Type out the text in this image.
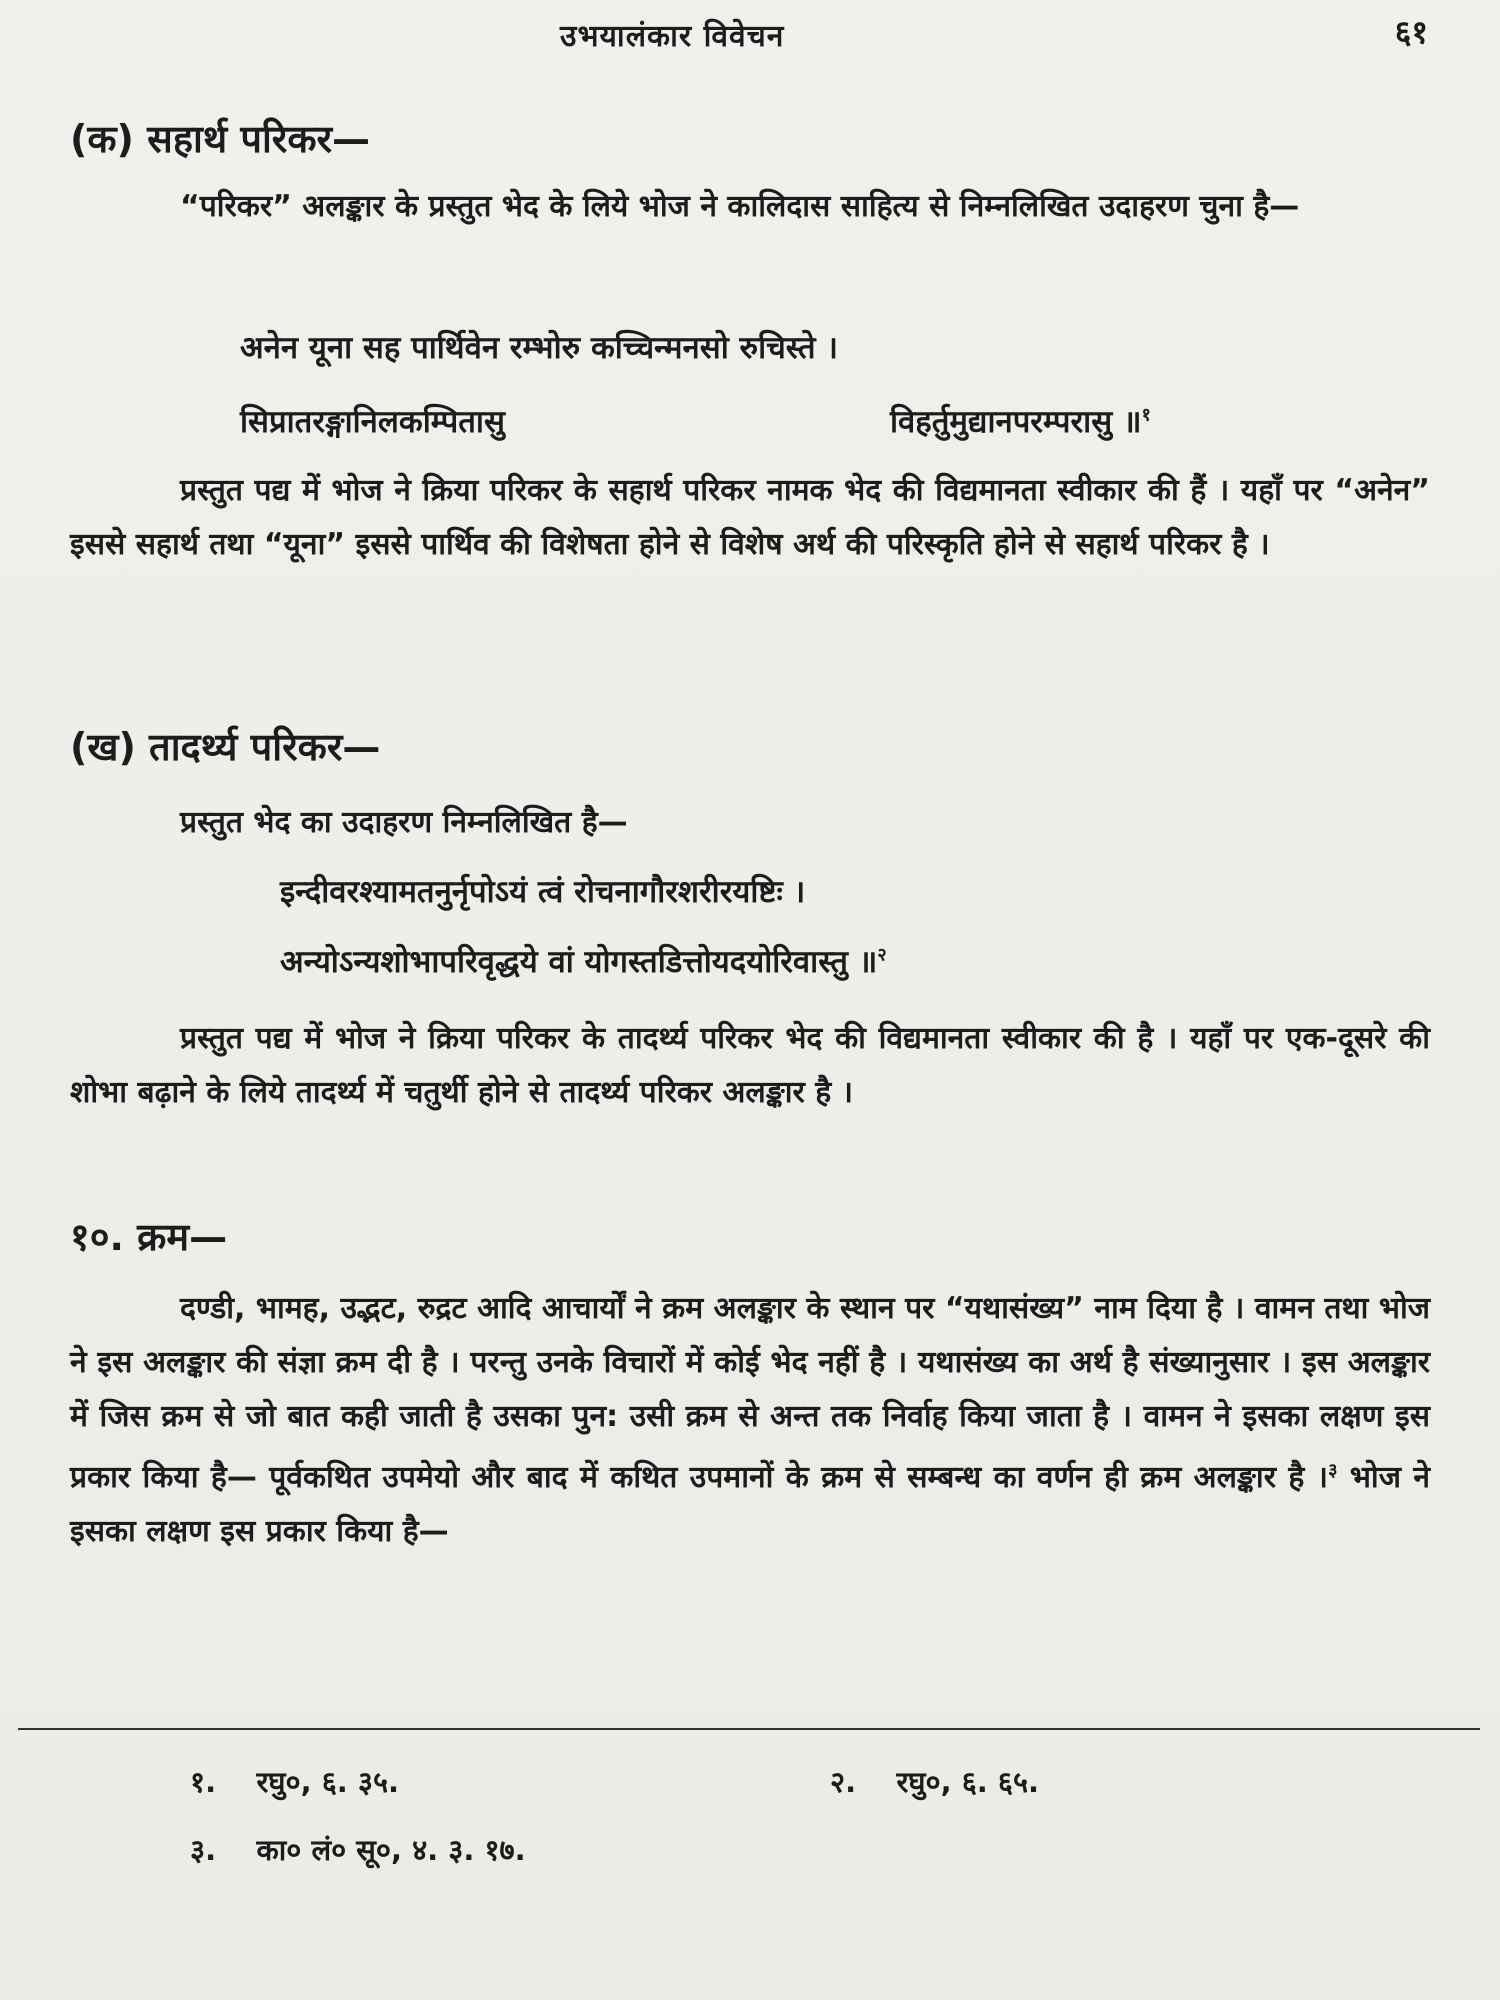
उभयालंकार विवेचन	६१
(क) सहार्थ परिकर—
“परिकर” अलङ्कार के प्रस्तुत भेद के लिये भोज ने कालिदास साहित्य से निम्नलिखित उदाहरण चुना है—
अनेन यूना सह पार्थिवेन रम्भोरु कच्चिन्मनसो रुचिस्ते ।
सिप्रातरङ्गानिलकम्पितासु	विहर्तुमुद्यानपरम्परासु ॥$^१$
प्रस्तुत पद्य में भोज ने क्रिया परिकर के सहार्थ परिकर नामक भेद की विद्यमानता स्वीकार की हैं । यहाँ पर “अनेन” इससे सहार्थ तथा “यूना” इससे पार्थिव की विशेषता होने से विशेष अर्थ की परिस्कृति होने से सहार्थ परिकर है ।
(ख) तादर्थ्य परिकर—
प्रस्तुत भेद का उदाहरण निम्नलिखित है—
इन्दीवरश्यामतनुर्नृपोऽयं त्वं रोचनागौरशरीरयष्टिः ।
अन्योऽन्यशोभापरिवृद्धये वां योगस्तडित्तोयदयोरिवास्तु ॥$^२$
प्रस्तुत पद्य में भोज ने क्रिया परिकर के तादर्थ्य परिकर भेद की विद्यमानता स्वीकार की है । यहाँ पर एक-दूसरे की शोभा बढ़ाने के लिये तादर्थ्य में चतुर्थी होने से तादर्थ्य परिकर अलङ्कार है ।
१०. क्रम—
दण्डी, भामह, उद्भट, रुद्रट आदि आचार्यों ने क्रम अलङ्कार के स्थान पर “यथासंख्य” नाम दिया है । वामन तथा भोज ने इस अलङ्कार की संज्ञा क्रम दी है । परन्तु उनके विचारों में कोई भेद नहीं है । यथासंख्य का अर्थ है संख्यानुसार । इस अलङ्कार में जिस क्रम से जो बात कही जाती है उसका पुन: उसी क्रम से अन्त तक निर्वाह किया जाता है । वामन ने इसका लक्षण इस प्रकार किया है— पूर्वकथित उपमेयो और बाद में कथित उपमानों के क्रम से सम्बन्ध का वर्णन ही क्रम अलङ्कार है ।$^३$ भोज ने इसका लक्षण इस प्रकार किया है—
१. रघु०, ६. ३५.	२. रघु०, ६. ६५.
३. का० लं० सू०, ४. ३. १७.
